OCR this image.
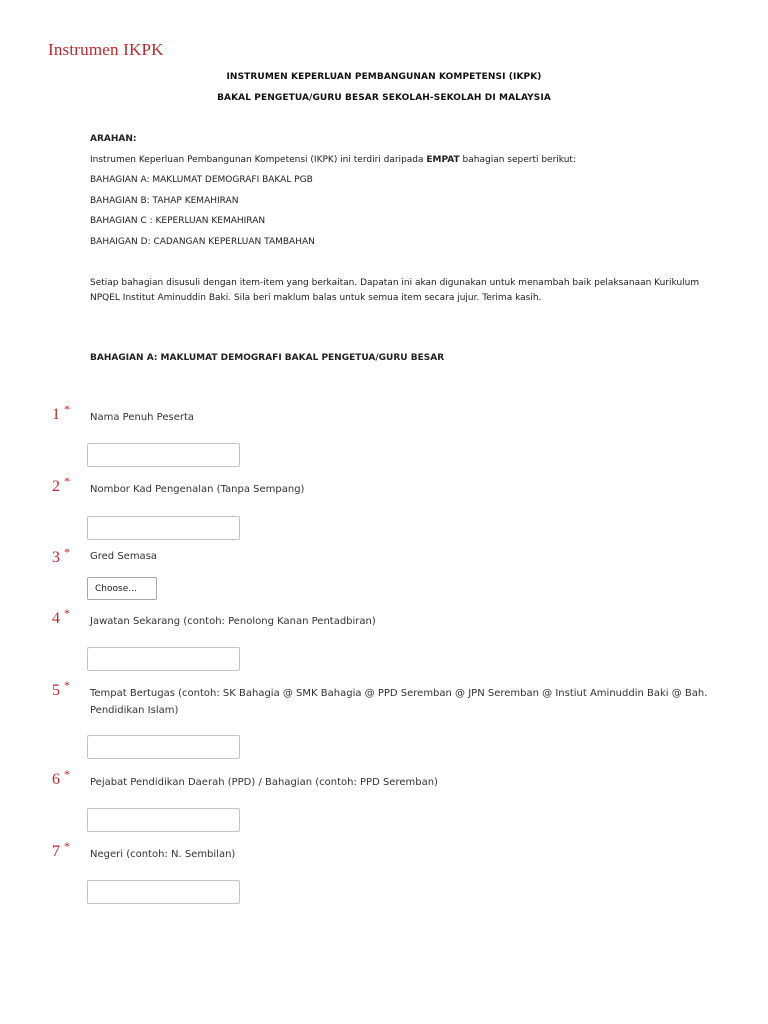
Instrumen IKPK
INSTRUMEN KEPERLUAN PEMBANGUNAN KOMPETENSI (IKPK)
BAKAL PENGETUA/GURU BESAR SEKOLAH-SEKOLAH DI MALAYSIA
ARAHAN:
Instrumen Keperluan Pembangunan Kompetensi (IKPK) ini terdiri daripada EMPAT bahagian seperti berikut:
BAHAGIAN A: MAKLUMAT DEMOGRAFI BAKAL PGB
BAHAGIAN B: TAHAP KEMAHIRAN
BAHAGIAN C : KEPERLUAN KEMAHIRAN
BAHAIGAN D: CADANGAN KEPERLUAN TAMBAHAN
Setiap bahagian disusuli dengan item-item yang berkaitan. Dapatan ini akan digunakan untuk menambah baik pelaksanaan Kurikulum
NPQEL Institut Aminuddin Baki. Sila beri maklum balas untuk semua item secara jujur. Terima kasih.
BAHAGIAN A: MAKLUMAT DEMOGRAFI BAKAL PENGETUA/GURU BESAR
1 *
Nama Penuh Peserta
2 *
Nombor Kad Pengenalan (Tanpa Sempang)
3 * Gred Semasa
Choose...
4 *
Jawatan Sekarang (contoh: Penolong Kanan Pentadbiran)
5 *
Tempat Bertugas (contoh: SK Bahagia @ SMK Bahagia @ PPD Seremban @ JPN Seremban @ Instiut Aminuddin Baki @ Bah.
Pendidikan Islam)
6 *
Pejabat Pendidikan Daerah (PPD) / Bahagian (contoh: PPD Seremban)
7 *
Negeri (contoh: N. Sembilan)
